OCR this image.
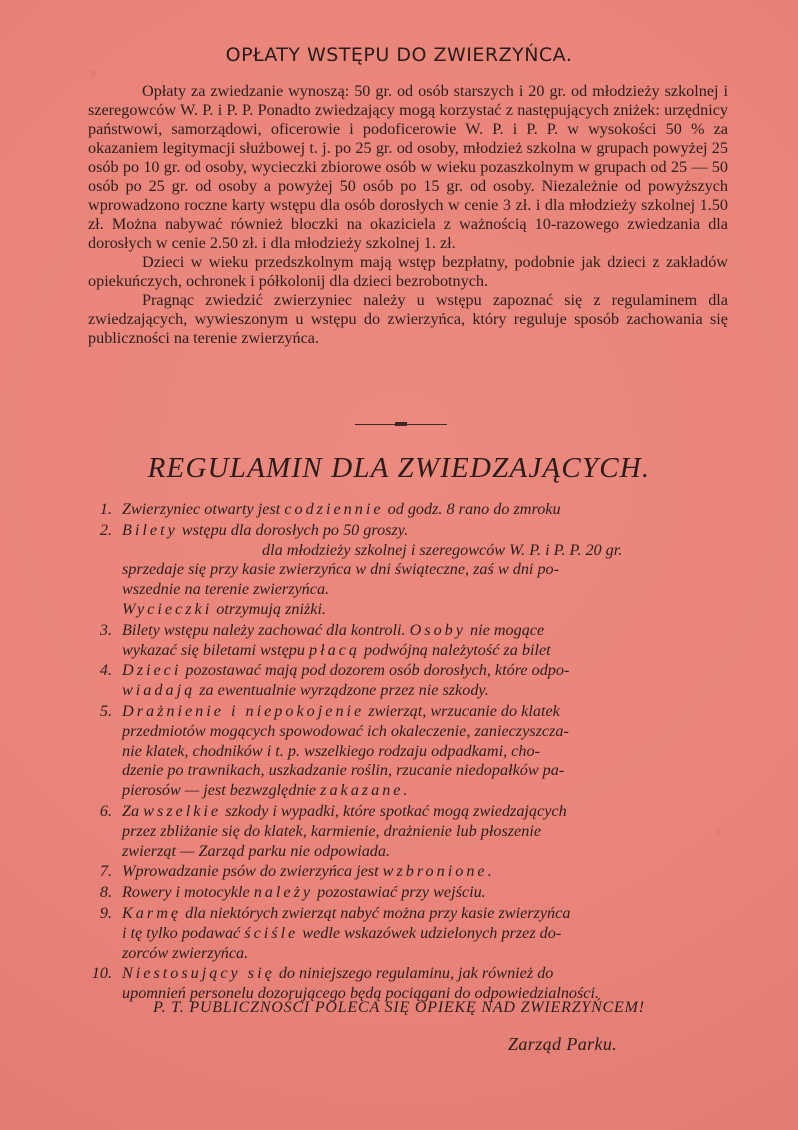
OPŁATY WSTĘPU DO ZWIERZYŃCA.

Opłaty za zwiedzanie wynoszą: 50 gr. od osób starszych i 20 gr. od młodzieży szkolnej i szeregowców W. P. i P. P. Ponadto zwiedzający mogą korzystać z następujących zniżek: urzędnicy państwowi, samorządowi, oficerowie i podoficerowie W. P. i P. P. w wysokości 50 % za okazaniem legitymacji służbowej t. j. po 25 gr. od osoby, młodzież szkolna w grupach powyżej 25 osób po 10 gr. od osoby, wycieczki zbiorowe osób w wieku pozaszkolnym w grupach od 25 — 50 osób po 25 gr. od osoby a powyżej 50 osób po 15 gr. od osoby. Niezależnie od powyższych wprowadzono roczne karty wstępu dla osób dorosłych w cenie 3 zł. i dla młodzieży szkolnej 1.50 zł. Można nabywać również bloczki na okaziciela z ważnością 10-razowego zwiedzania dla dorosłych w cenie 2.50 zł. i dla młodzieży szkolnej 1. zł.

Dzieci w wieku przedszkolnym mają wstęp bezpłatny, podobnie jak dzieci z zakładów opiekuńczych, ochronek i półkolonij dla dzieci bezrobotnych.

Pragnąc zwiedzić zwierzyniec należy u wstępu zapoznać się z regulaminem dla zwiedzających, wywieszonym u wstępu do zwierzyńca, który reguluje sposób zachowania się publiczności na terenie zwierzyńca.

REGULAMIN DLA ZWIEDZAJĄCYCH.
1. Zwierzyniec otwarty jest codziennie od godz. 8 rano do zmroku
2. Bilety wstępu dla dorosłych po 50 groszy.
dla młodzieży szkolnej i szeregowców W. P. i P. P. 20 gr.
sprzedaje się przy kasie zwierzyńca w dni świąteczne, zaś w dni po-
wszednie na terenie zwierzyńca.
Wycieczki otrzymują zniżki.
3. Bilety wstępu należy zachować dla kontroli. Osoby nie mogące
wykazać się biletami wstępu płacą podwójną należytość za bilet
4. Dzieci pozostawać mają pod dozorem osób dorosłych, które odpo-
wiadają za ewentualnie wyrządzone przez nie szkody.
5. Drażnienie i niepokojenie zwierząt, wrzucanie do klatek
przedmiotów mogących spowodować ich okaleczenie, zanieczyszcza-
nie klatek, chodników i t. p. wszelkiego rodzaju odpadkami, cho-
dzenie po trawnikach, uszkadzanie roślin, rzucanie niedopałków pa-
pierosów — jest bezwzględnie zakazane.
6. Za wszelkie szkody i wypadki, które spotkać mogą zwiedzających
przez zbliżanie się do klatek, karmienie, drażnienie lub płoszenie
zwierząt — Zarząd parku nie odpowiada.
7. Wprowadzanie psów do zwierzyńca jest wzbronione.
8. Rowery i motocykle należy pozostawiać przy wejściu.
9. Karmę dla niektórych zwierząt nabyć można przy kasie zwierzyńca
i tę tylko podawać ściśle wedle wskazówek udzielonych przez do-
zorców zwierzyńca.
10. Niestosujący się do niniejszego regulaminu, jak również do
upomnień personelu dozorującego będą pociągani do odpowiedzialności.
P. T. PUBLICZNOŚCI POLECA SIĘ OPIEKĘ NAD ZWIERZYŃCEM!
Zarząd Parku.
